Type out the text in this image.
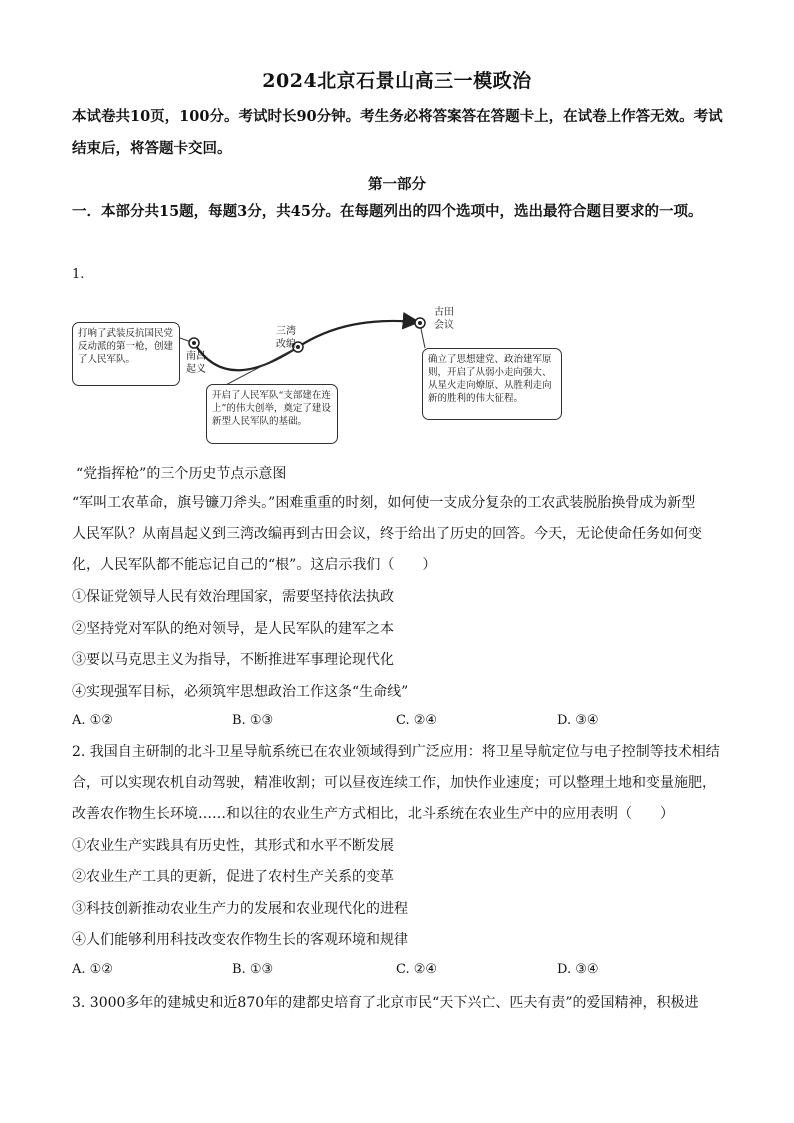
2024北京石景山高三一模政治
本试卷共10页，100分。考试时长90分钟。考生务必将答案答在答题卡上，在试卷上作答无效。考试结束后，将答题卡交回。
第一部分
一．本部分共15题，每题3分，共45分。在每题列出的四个选项中，选出最符合题目要求的一项。
1.
打响了武装反抗国民党反动派的第一枪，创建了人民军队。	南昌起义
开启了人民军队“支部建在连上”的伟大创举，奠定了建设新型人民军队的基础。
三湾改编
确立了思想建党、政治建军原则，开启了从弱小走向强大、从星火走向燎原、从胜利走向新的胜利的伟大征程。
古田会议
“党指挥枪”的三个历史节点示意图
“军叫工农革命，旗号镰刀斧头。”困难重重的时刻，如何使一支成分复杂的工农武装脱胎换骨成为新型
人民军队？从南昌起义到三湾改编再到古田会议，终于给出了历史的回答。今天，无论使命任务如何变
化，人民军队都不能忘记自己的“根”。这启示我们（　　）
①保证党领导人民有效治理国家，需要坚持依法执政
②坚持党对军队的绝对领导，是人民军队的建军之本
③要以马克思主义为指导，不断推进军事理论现代化
④实现强军目标，必须筑牢思想政治工作这条“生命线”
A. ①②	B. ①③	C. ②④	D. ③④
2. 我国自主研制的北斗卫星导航系统已在农业领域得到广泛应用：将卫星导航定位与电子控制等技术相结
合，可以实现农机自动驾驶，精准收割；可以昼夜连续工作，加快作业速度；可以整理土地和变量施肥，
改善农作物生长环境……和以往的农业生产方式相比，北斗系统在农业生产中的应用表明（　　）
①农业生产实践具有历史性，其形式和水平不断发展
②农业生产工具的更新，促进了农村生产关系的变革
③科技创新推动农业生产力的发展和农业现代化的进程
④人们能够利用科技改变农作物生长的客观环境和规律
A. ①②	B. ①③	C. ②④	D. ③④
3. 3000多年的建城史和近870年的建都史培育了北京市民“天下兴亡、匹夫有责”的爱国精神，积极进
